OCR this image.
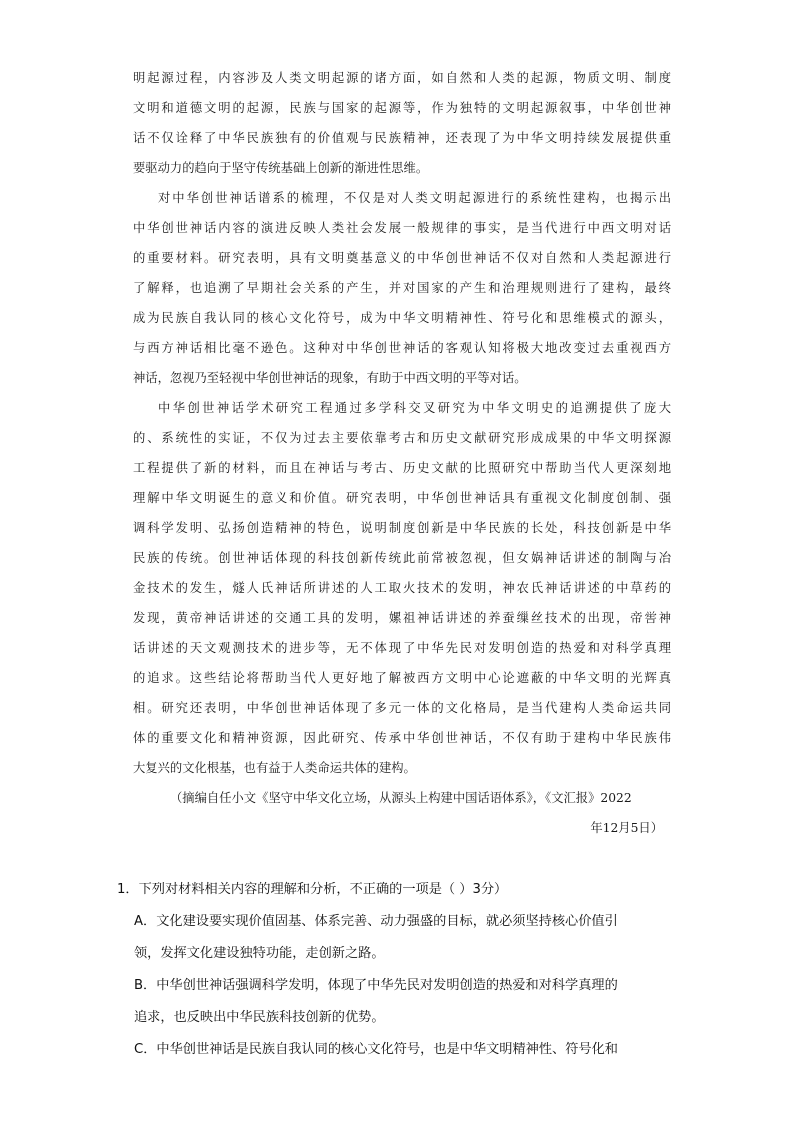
明起源过程，内容涉及人类文明起源的诸方面，如自然和人类的起源，物质文明、制度
文明和道德文明的起源，民族与国家的起源等，作为独特的文明起源叙事，中华创世神
话不仅诠释了中华民族独有的价值观与民族精神，还表现了为中华文明持续发展提供重
要驱动力的趋向于坚守传统基础上创新的渐进性思维。
对中华创世神话谱系的梳理，不仅是对人类文明起源进行的系统性建构，也揭示出
中华创世神话内容的演进反映人类社会发展一般规律的事实，是当代进行中西文明对话
的重要材料。研究表明，具有文明奠基意义的中华创世神话不仅对自然和人类起源进行
了解释，也追溯了早期社会关系的产生，并对国家的产生和治理规则进行了建构，最终
成为民族自我认同的核心文化符号，成为中华文明精神性、符号化和思维模式的源头，
与西方神话相比毫不逊色。这种对中华创世神话的客观认知将极大地改变过去重视西方
神话，忽视乃至轻视中华创世神话的现象，有助于中西文明的平等对话。
中华创世神话学术研究工程通过多学科交叉研究为中华文明史的追溯提供了庞大
的、系统性的实证，不仅为过去主要依靠考古和历史文献研究形成成果的中华文明探源
工程提供了新的材料，而且在神话与考古、历史文献的比照研究中帮助当代人更深刻地
理解中华文明诞生的意义和价值。研究表明，中华创世神话具有重视文化制度创制、强
调科学发明、弘扬创造精神的特色，说明制度创新是中华民族的长处，科技创新是中华
民族的传统。创世神话体现的科技创新传统此前常被忽视，但女娲神话讲述的制陶与冶
金技术的发生，燧人氏神话所讲述的人工取火技术的发明，神农氏神话讲述的中草药的
发现，黄帝神话讲述的交通工具的发明，嫘祖神话讲述的养蚕缫丝技术的出现，帝喾神
话讲述的天文观测技术的进步等，无不体现了中华先民对发明创造的热爱和对科学真理
的追求。这些结论将帮助当代人更好地了解被西方文明中心论遮蔽的中华文明的光辉真
相。研究还表明，中华创世神话体现了多元一体的文化格局，是当代建构人类命运共同
体的重要文化和精神资源，因此研究、传承中华创世神话，不仅有助于建构中华民族伟
大复兴的文化根基，也有益于人类命运共体的建构。
（摘编自任小文《坚守中华文化立场，从源头上构建中国话语体系》，《文汇报》2022
年12月5日）
1．下列对材料相关内容的理解和分析，不正确的一项是（ ）3分）
A．文化建设要实现价值固基、体系完善、动力强盛的目标，就必须坚持核心价值引
领，发挥文化建设独特功能，走创新之路。
B．中华创世神话强调科学发明，体现了中华先民对发明创造的热爱和对科学真理的
追求，也反映出中华民族科技创新的优势。
C．中华创世神话是民族自我认同的核心文化符号，也是中华文明精神性、符号化和
